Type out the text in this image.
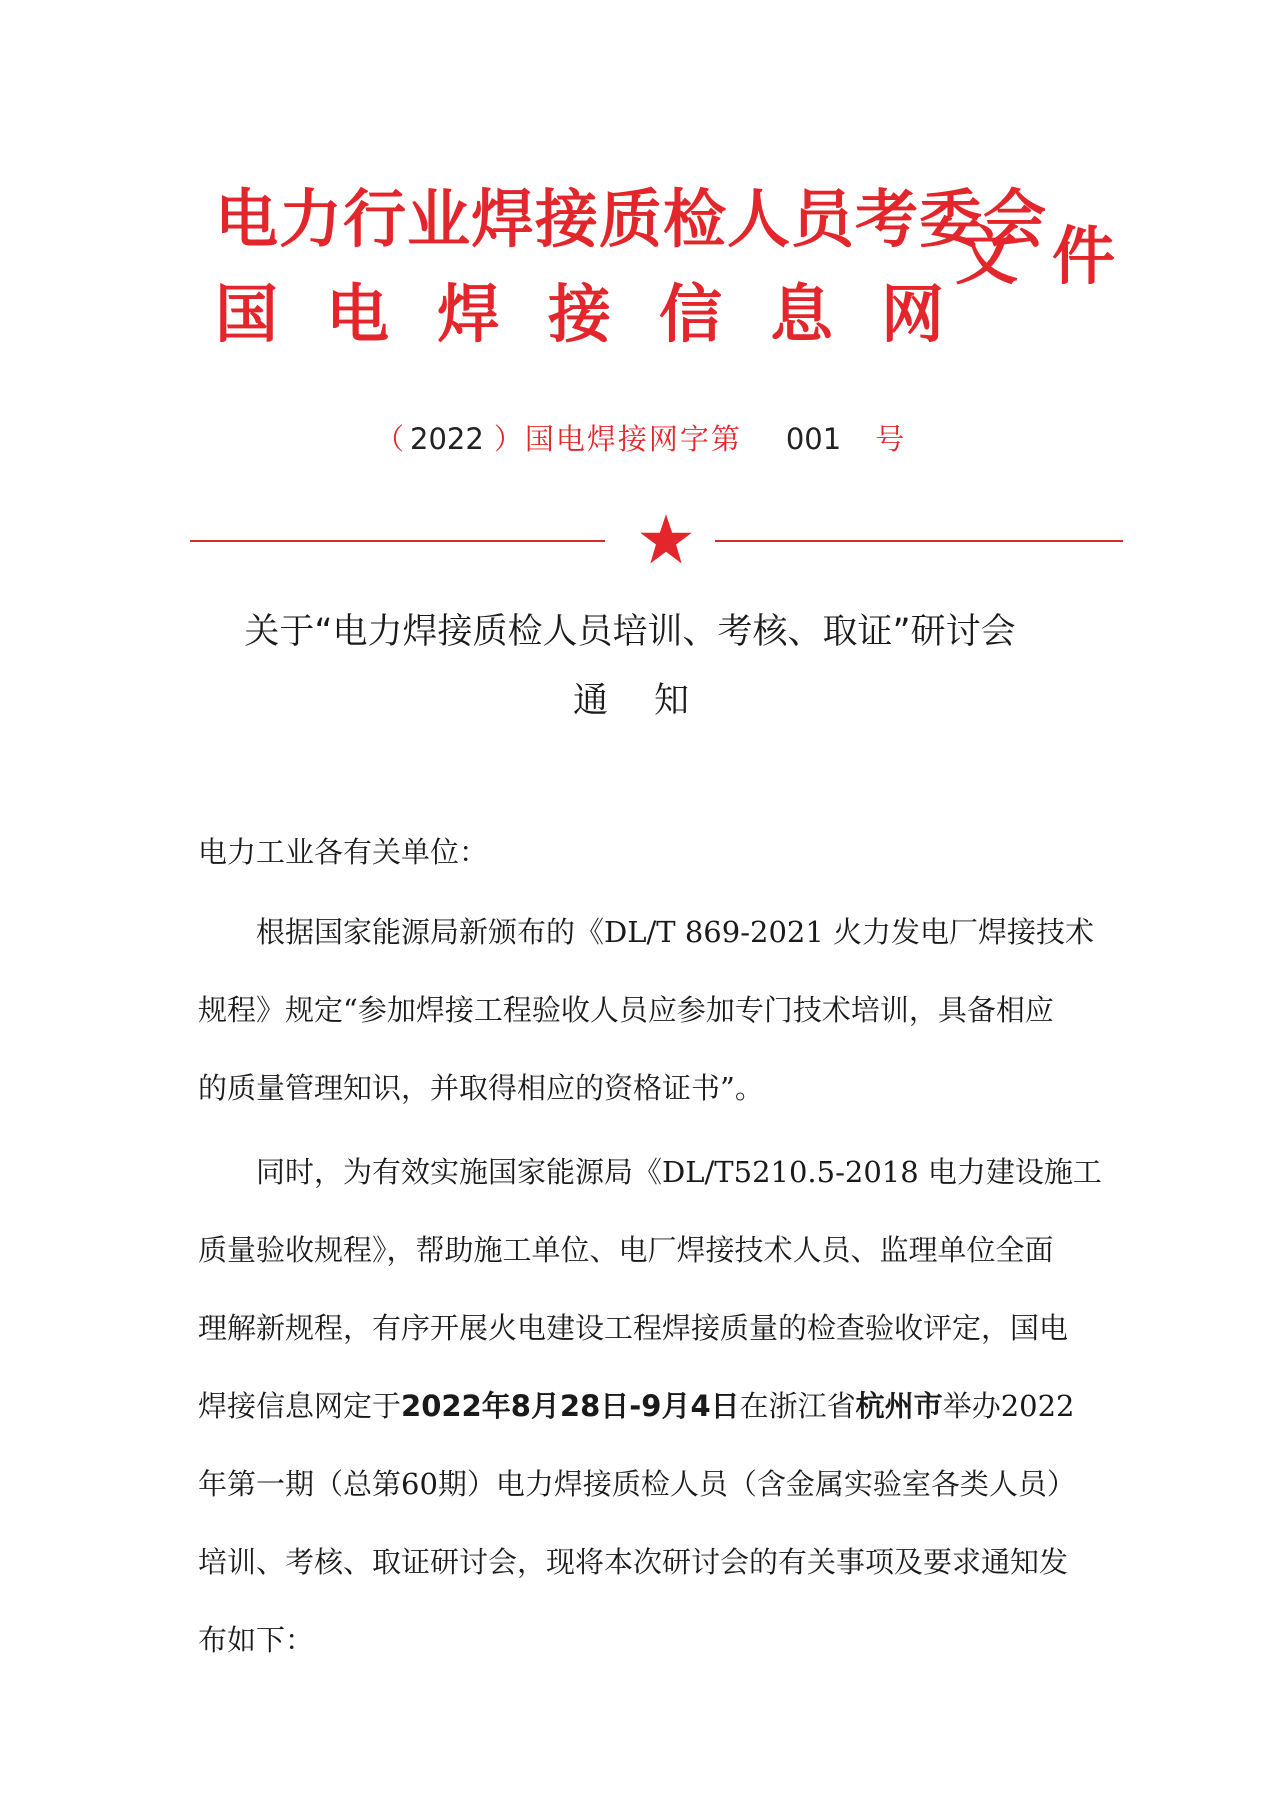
电力行业焊接质检人员考委会
国电焊接信息网
文件
（ 2022 ）国电焊接网字第 001 号
关于“电力焊接质检人员培训、考核、取证”研讨会
通知
电力工业各有关单位：
根据国家能源局新颁布的《DL/T 869-2021 火力发电厂焊接技术
规程》规定“参加焊接工程验收人员应参加专门技术培训，具备相应
的质量管理知识，并取得相应的资格证书”。
同时，为有效实施国家能源局《DL/T5210.5-2018 电力建设施工
质量验收规程》，帮助施工单位、电厂焊接技术人员、监理单位全面
理解新规程，有序开展火电建设工程焊接质量的检查验收评定，国电
焊接信息网定于2022年8月28日-9月4日在浙江省杭州市举办2022
年第一期（总第60期）电力焊接质检人员（含金属实验室各类人员）
培训、考核、取证研讨会，现将本次研讨会的有关事项及要求通知发
布如下：
